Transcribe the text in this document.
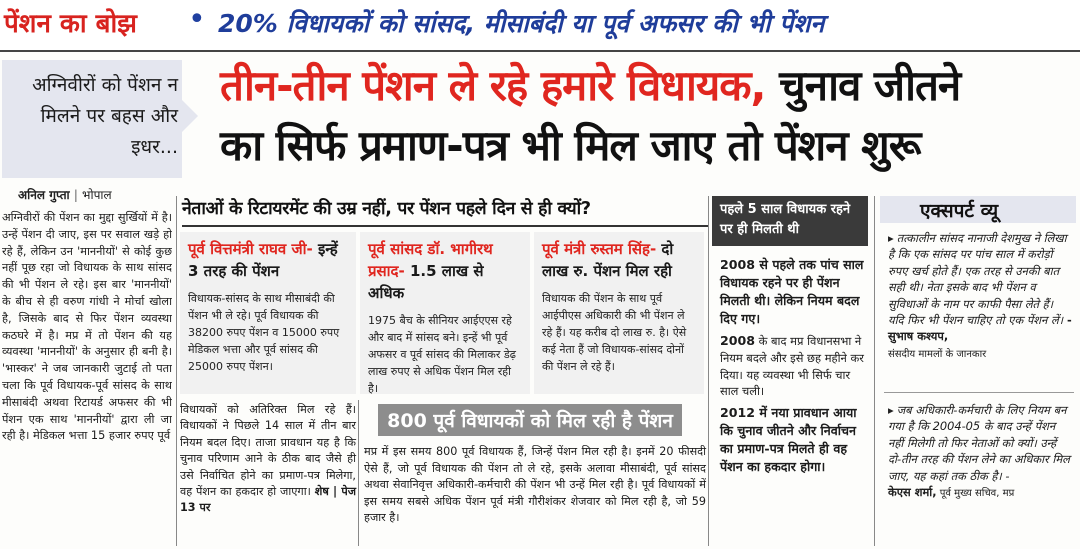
पेंशन का बोझ • 20% विधायकों को सांसद, मीसाबंदी या पूर्व अफसर की भी पेंशन
अग्निवीरों को पेंशन न मिलने पर बहस और इधर...
तीन-तीन पेंशन ले रहे हमारे विधायक, चुनाव जीतने
का सिर्फ प्रमाण-पत्र भी मिल जाए तो पेंशन शुरू
अनिल गुप्ता | भोपाल
अग्निवीरों की पेंशन का मुद्दा सुर्खियों में है। उन्हें पेंशन दी जाए, इस पर सवाल खड़े हो रहे हैं, लेकिन उन 'माननीयों' से कोई कुछ नहीं पूछ रहा जो विधायक के साथ सांसद की भी पेंशन ले रहे। इस बार 'माननीयों' के बीच से ही वरुण गांधी ने मोर्चा खोला है, जिसके बाद से फिर पेंशन व्यवस्था कठघरे में है। मप्र में तो पेंशन की यह व्यवस्था 'माननीयों' के अनुसार ही बनी है। 'भास्कर' ने जब जानकारी जुटाई तो पता चला कि पूर्व विधायक-पूर्व सांसद के साथ मीसाबंदी अथवा रिटायर्ड अफसर की भी पेंशन एक साथ 'माननीयों' द्वारा ली जा रही है। मेडिकल भत्ता 15 हजार रुपए पूर्व
नेताओं के रिटायरमेंट की उम्र नहीं, पर पेंशन पहले दिन से ही क्यों?
पूर्व वित्तमंत्री राघव जी- इन्हें 3 तरह की पेंशन
विधायक-सांसद के साथ मीसाबंदी की पेंशन भी ले रहे। पूर्व विधायक की 38200 रुपए पेंशन व 15000 रुपए मेडिकल भत्ता और पूर्व सांसद की 25000 रुपए पेंशन।
पूर्व सांसद डॉ. भागीरथ प्रसाद- 1.5 लाख से अधिक
1975 बैच के सीनियर आईएएस रहे और बाद में सांसद बने। इन्हें भी पूर्व अफसर व पूर्व सांसद की मिलाकर डेढ़ लाख रुपए से अधिक पेंशन मिल रही है।
पूर्व मंत्री रुस्तम सिंह- दो लाख रु. पेंशन मिल रही
विधायक की पेंशन के साथ पूर्व आईपीएस अधिकारी की भी पेंशन ले रहे हैं। यह करीब दो लाख रु. है। ऐसे कई नेता हैं जो विधायक-सांसद दोनों की पेंशन ले रहे हैं।
विधायकों को अतिरिक्त मिल रहे हैं। विधायकों ने पिछले 14 साल में तीन बार नियम बदल दिए। ताजा प्रावधान यह है कि चुनाव परिणाम आने के ठीक बाद जैसे ही उसे निर्वाचित होने का प्रमाण-पत्र मिलेगा, वह पेंशन का हकदार हो जाएगा। शेष | पेज 13 पर
800 पूर्व विधायकों को मिल रही है पेंशन
मप्र में इस समय 800 पूर्व विधायक हैं, जिन्हें पेंशन मिल रही है। इनमें 20 फीसदी ऐसे हैं, जो पूर्व विधायक की पेंशन तो ले रहे, इसके अलावा मीसाबंदी, पूर्व सांसद अथवा सेवानिवृत्त अधिकारी-कर्मचारी की पेंशन भी उन्हें मिल रही है। पूर्व विधायकों में इस समय सबसे अधिक पेंशन पूर्व मंत्री गौरीशंकर शेजवार को मिल रही है, जो 59 हजार है।
पहले 5 साल विधायक रहने पर ही मिलती थी

2008 से पहले तक पांच साल विधायक रहने पर ही पेंशन मिलती थी। लेकिन नियम बदल दिए गए।

2008 के बाद मप्र विधानसभा ने नियम बदले और इसे छह महीने कर दिया। यह व्यवस्था भी सिर्फ चार साल चली।

2012 में नया प्रावधान आया कि चुनाव जीतने और निर्वाचन का प्रमाण-पत्र मिलते ही वह पेंशन का हकदार होगा।

एक्सपर्ट व्यू
▸ तत्कालीन सांसद नानाजी देशमुख ने लिखा है कि एक सांसद पर पांच साल में करोड़ों रुपए खर्च होते हैं। एक तरह से उनकी बात सही थी। नेता इसके बाद भी पेंशन व सुविधाओं के नाम पर काफी पैसा लेते हैं। यदि फिर भी पेंशन चाहिए तो एक पेंशन लें। - सुभाष कश्यप,
संसदीय मामलों के जानकार
▸ जब अधिकारी-कर्मचारी के लिए नियम बन गया है कि 2004-05 के बाद उन्हें पेंशन नहीं मिलेगी तो फिर नेताओं को क्यों। उन्हें दो-तीन तरह की पेंशन लेने का अधिकार मिल जाए, यह कहां तक ठीक है। -
केएस शर्मा, पूर्व मुख्य सचिव, मप्र
